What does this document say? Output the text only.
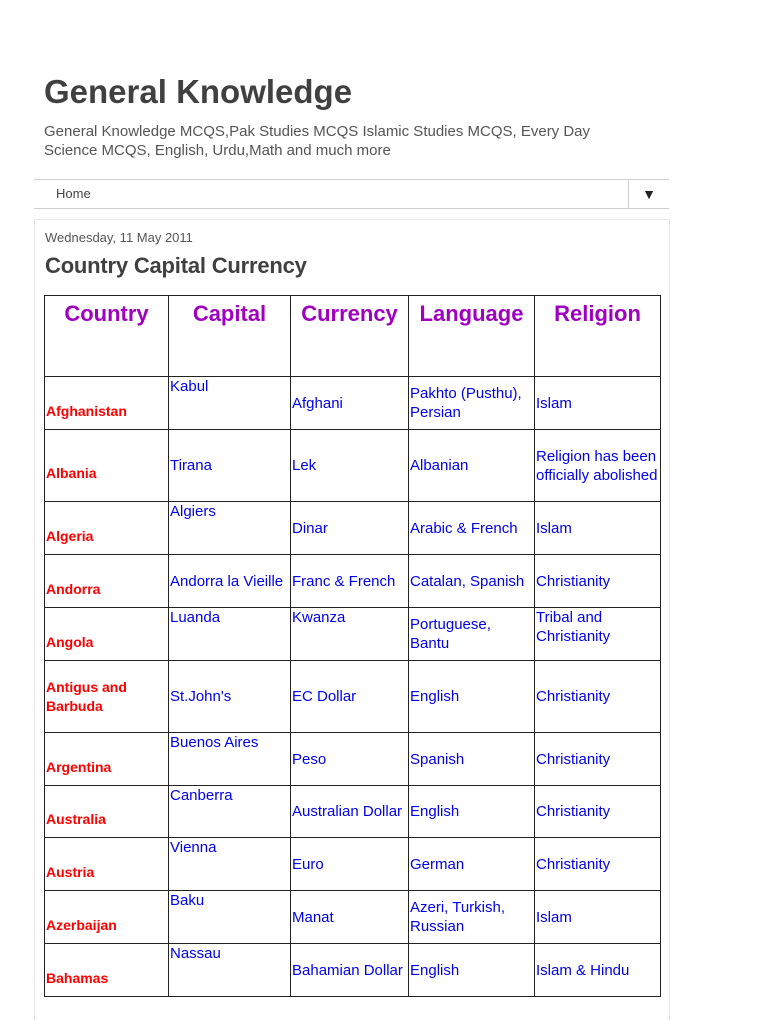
General Knowledge
General Knowledge MCQS,Pak Studies MCQS Islamic Studies MCQS, Every Day Science MCQS, English, Urdu,Math and much more
Home	▼
Wednesday, 11 May 2011
Country Capital Currency
Country	Capital	Currency	Language	Religion
Afghanistan	Kabul	Afghani	Pakhto (Pusthu), Persian	Islam
Albania	Tirana	Lek	Albanian	Religion has been officially abolished
Algeria	Algiers	Dinar	Arabic & French	Islam
Andorra	Andorra la Vieille	Franc & French	Catalan, Spanish	Christianity
Angola	Luanda	Kwanza	Portuguese, Bantu	Tribal and Christianity
Antigus and Barbuda	St.John's	EC Dollar	English	Christianity
Argentina	Buenos Aires	Peso	Spanish	Christianity
Australia	Canberra	Australian Dollar	English	Christianity
Austria	Vienna	Euro	German	Christianity
Azerbaijan	Baku	Manat	Azeri, Turkish, Russian	Islam
Bahamas	Nassau	Bahamian Dollar	English	Islam & Hindu
